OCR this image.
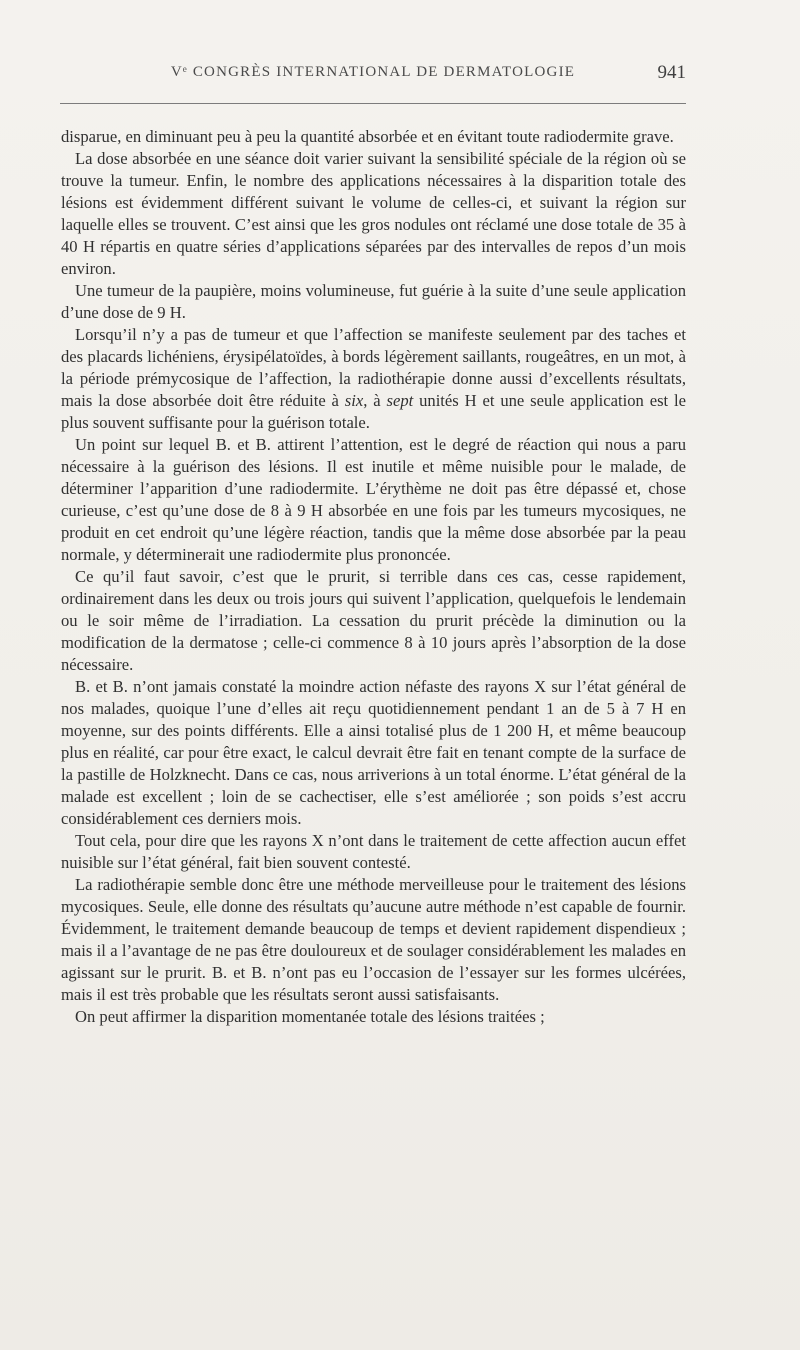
Vᵉ CONGRÈS INTERNATIONAL DE DERMATOLOGIE	941

disparue, en diminuant peu à peu la quantité absorbée et en évitant toute radiodermite grave.

La dose absorbée en une séance doit varier suivant la sensibilité spéciale de la région où se trouve la tumeur. Enfin, le nombre des applications nécessaires à la disparition totale des lésions est évidemment différent suivant le volume de celles-ci, et suivant la région sur laquelle elles se trouvent. C’est ainsi que les gros nodules ont réclamé une dose totale de 35 à 40 H répartis en quatre séries d’applications séparées par des intervalles de repos d’un mois environ.

Une tumeur de la paupière, moins volumineuse, fut guérie à la suite d’une seule application d’une dose de 9 H.

Lorsqu’il n’y a pas de tumeur et que l’affection se manifeste seulement par des taches et des placards lichéniens, érysipélatoïdes, à bords légèrement saillants, rougeâtres, en un mot, à la période prémycosique de l’affection, la radiothérapie donne aussi d’excellents résultats, mais la dose absorbée doit être réduite à six, à sept unités H et une seule application est le plus souvent suffisante pour la guérison totale.

Un point sur lequel B. et B. attirent l’attention, est le degré de réaction qui nous a paru nécessaire à la guérison des lésions. Il est inutile et même nuisible pour le malade, de déterminer l’apparition d’une radiodermite. L’érythème ne doit pas être dépassé et, chose curieuse, c’est qu’une dose de 8 à 9 H absorbée en une fois par les tumeurs mycosiques, ne produit en cet endroit qu’une légère réaction, tandis que la même dose absorbée par la peau normale, y déterminerait une radiodermite plus prononcée.

Ce qu’il faut savoir, c’est que le prurit, si terrible dans ces cas, cesse rapidement, ordinairement dans les deux ou trois jours qui suivent l’application, quelquefois le lendemain ou le soir même de l’irradiation. La cessation du prurit précède la diminution ou la modification de la dermatose ; celle-ci commence 8 à 10 jours après l’absorption de la dose nécessaire.

B. et B. n’ont jamais constaté la moindre action néfaste des rayons X sur l’état général de nos malades, quoique l’une d’elles ait reçu quotidiennement pendant 1 an de 5 à 7 H en moyenne, sur des points différents. Elle a ainsi totalisé plus de 1 200 H, et même beaucoup plus en réalité, car pour être exact, le calcul devrait être fait en tenant compte de la surface de la pastille de Holzknecht. Dans ce cas, nous arriverions à un total énorme. L’état général de la malade est excellent ; loin de se cachectiser, elle s’est améliorée ; son poids s’est accru considérablement ces derniers mois.

Tout cela, pour dire que les rayons X n’ont dans le traitement de cette affection aucun effet nuisible sur l’état général, fait bien souvent contesté.

La radiothérapie semble donc être une méthode merveilleuse pour le traitement des lésions mycosiques. Seule, elle donne des résultats qu’aucune autre méthode n’est capable de fournir. Évidemment, le traitement demande beaucoup de temps et devient rapidement dispendieux ; mais il a l’avantage de ne pas être douloureux et de soulager considérablement les malades en agissant sur le prurit. B. et B. n’ont pas eu l’occasion de l’essayer sur les formes ulcérées, mais il est très probable que les résultats seront aussi satisfaisants.

On peut affirmer la disparition momentanée totale des lésions traitées ;
